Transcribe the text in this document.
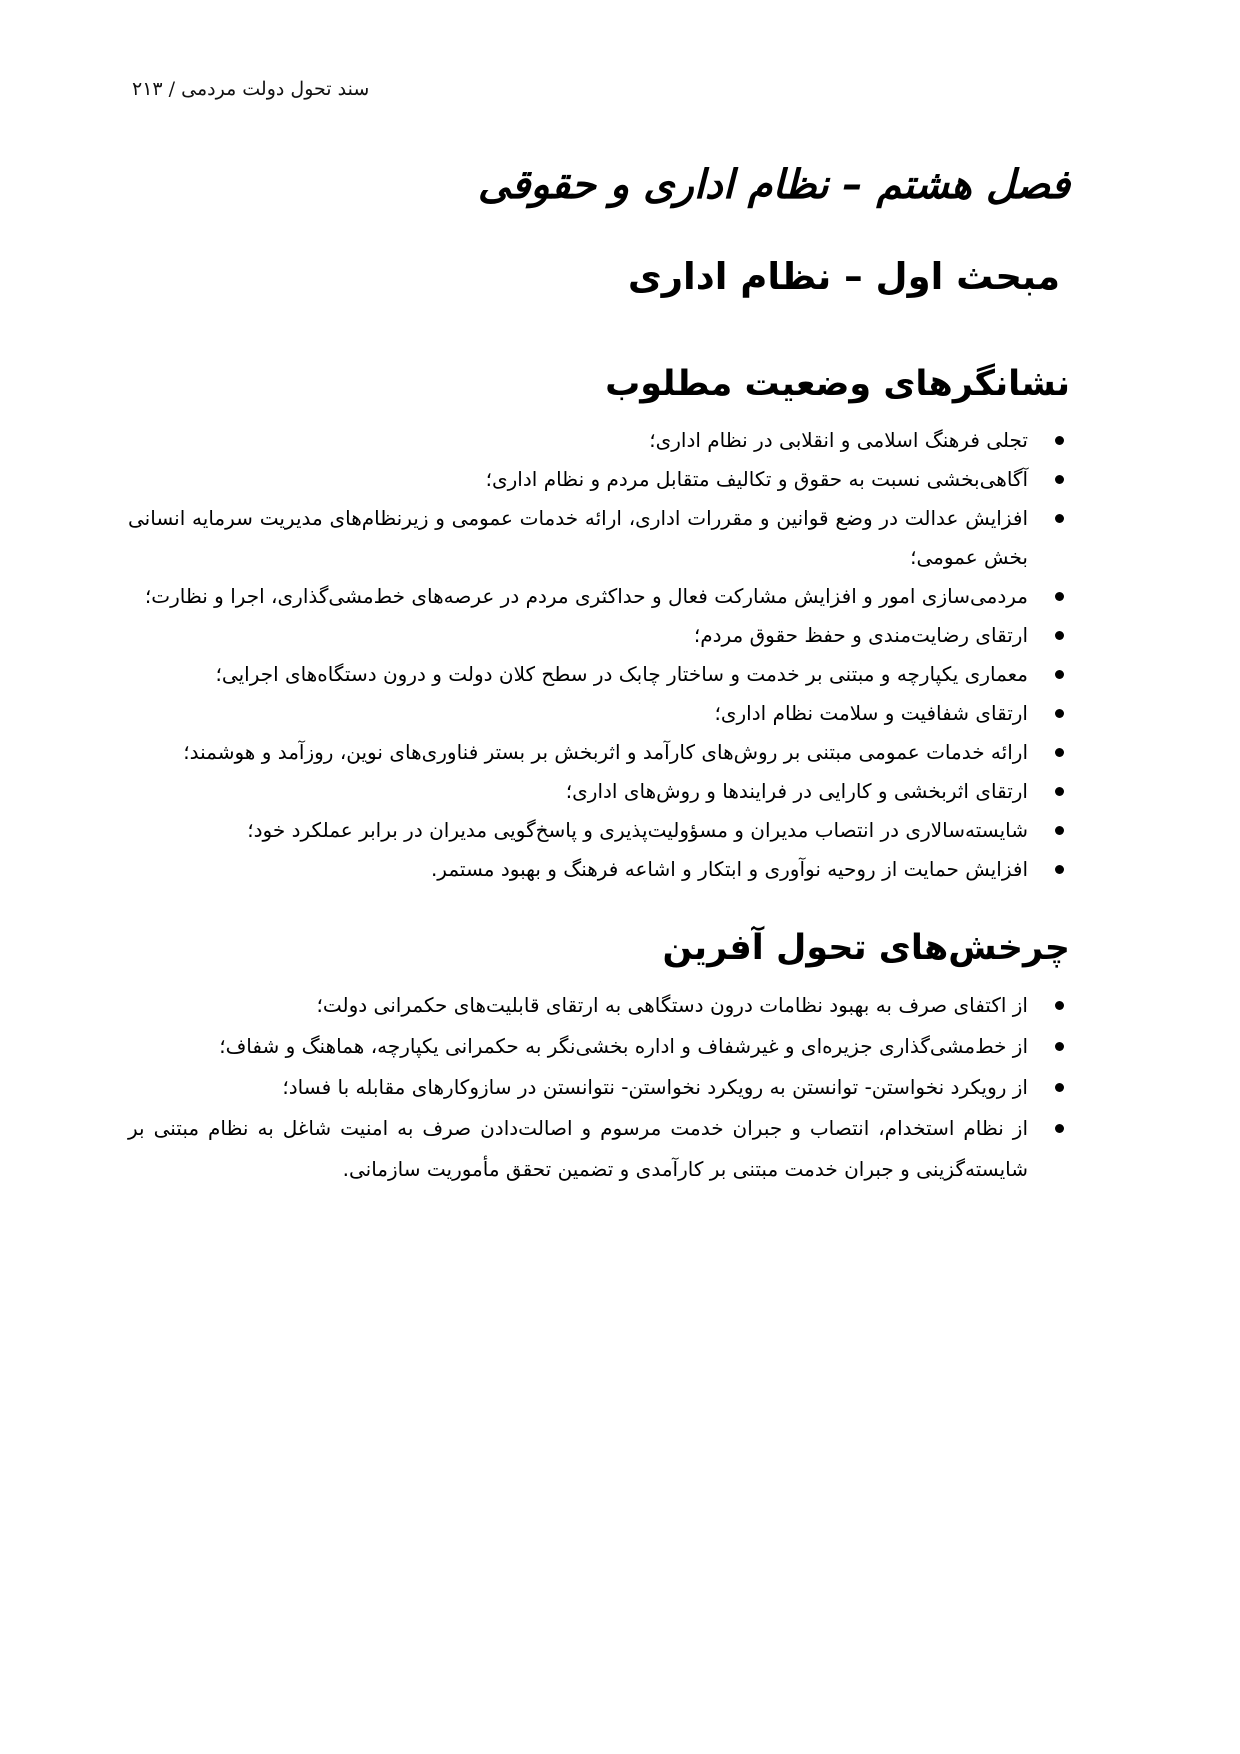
سند تحول دولت مردمی / ۲۱۳
فصل هشتم – نظام اداری و حقوقی
مبحث اول – نظام اداری
نشانگرهای وضعیت مطلوب
تجلی فرهنگ اسلامی و انقلابی در نظام اداری؛
آگاهی‌بخشی نسبت به حقوق و تکالیف متقابل مردم و نظام اداری؛
افزایش عدالت در وضع قوانین و مقررات اداری، ارائه خدمات عمومی و زیرنظام‌های مدیریت سرمایه انسانی بخش عمومی؛
مردمی‌سازی امور و افزایش مشارکت فعال و حداکثری مردم در عرصه‌های خط‌مشی‌گذاری، اجرا و نظارت؛
ارتقای رضایت‌مندی و حفظ حقوق مردم؛
معماری یکپارچه و مبتنی بر خدمت و ساختار چابک در سطح کلان دولت و درون دستگاه‌های اجرایی؛
ارتقای شفافیت و سلامت نظام اداری؛
ارائه خدمات عمومی مبتنی بر روش‌های کارآمد و اثربخش بر بستر فناوری‌های نوین، روزآمد و هوشمند؛
ارتقای اثربخشی و کارایی در فرایندها و روش‌های اداری؛
شایسته‌سالاری در انتصاب مدیران و مسؤولیت‌پذیری و پاسخ‌گویی مدیران در برابر عملکرد خود؛
افزایش حمایت از روحیه نوآوری و ابتکار و اشاعه فرهنگ و بهبود مستمر.
چرخش‌های تحول آفرین
از اکتفای صرف به بهبود نظامات درون دستگاهی به ارتقای قابلیت‌های حکمرانی دولت؛
از خط‌مشی‌گذاری جزیره‌ای و غیرشفاف و اداره بخشی‌نگر به حکمرانی یکپارچه، هماهنگ و شفاف؛
از رویکرد نخواستن- توانستن به رویکرد نخواستن- نتوانستن در سازوکارهای مقابله با فساد؛
از نظام استخدام، انتصاب و جبران خدمت مرسوم و اصالت‌دادن صرف به امنیت شاغل به نظام مبتنی بر شایسته‌گزینی و جبران خدمت مبتنی بر کارآمدی و تضمین تحقق مأموریت سازمانی.
